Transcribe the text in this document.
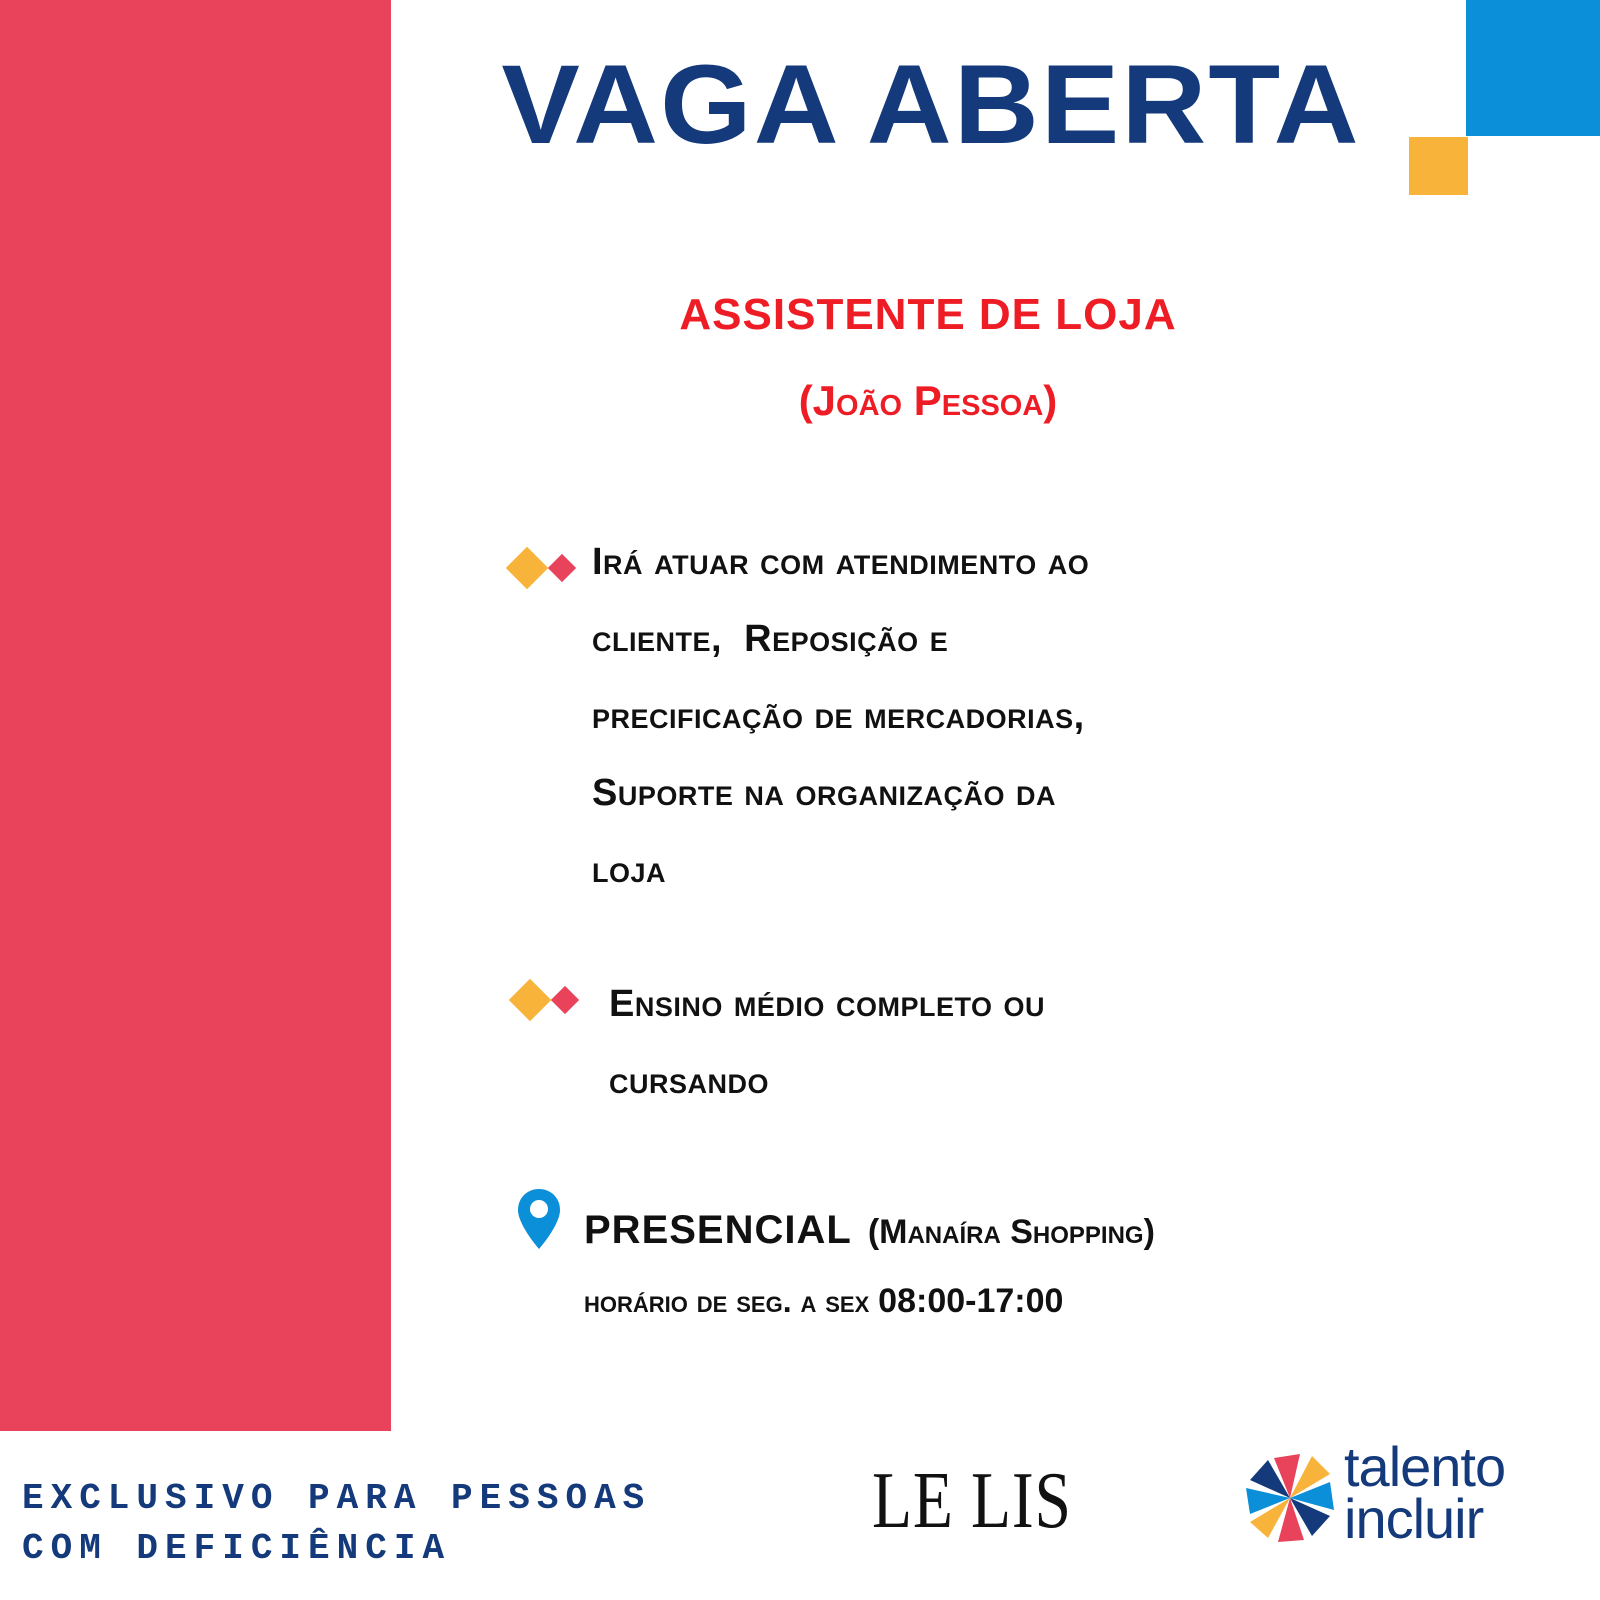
VAGA ABERTA
ASSISTENTE DE LOJA
(João Pessoa)
Irá atuar com atendimento ao
cliente,  Reposição e
precificação de mercadorias,
Suporte na organização da
loja
Ensino médio completo ou
cursando
PRESENCIAL (Manaíra Shopping)
horário de seg. a sex 08:00-17:00
EXCLUSIVO PARA PESSOAS
COM DEFICIÊNCIA
LE LIS	talento
incluir
